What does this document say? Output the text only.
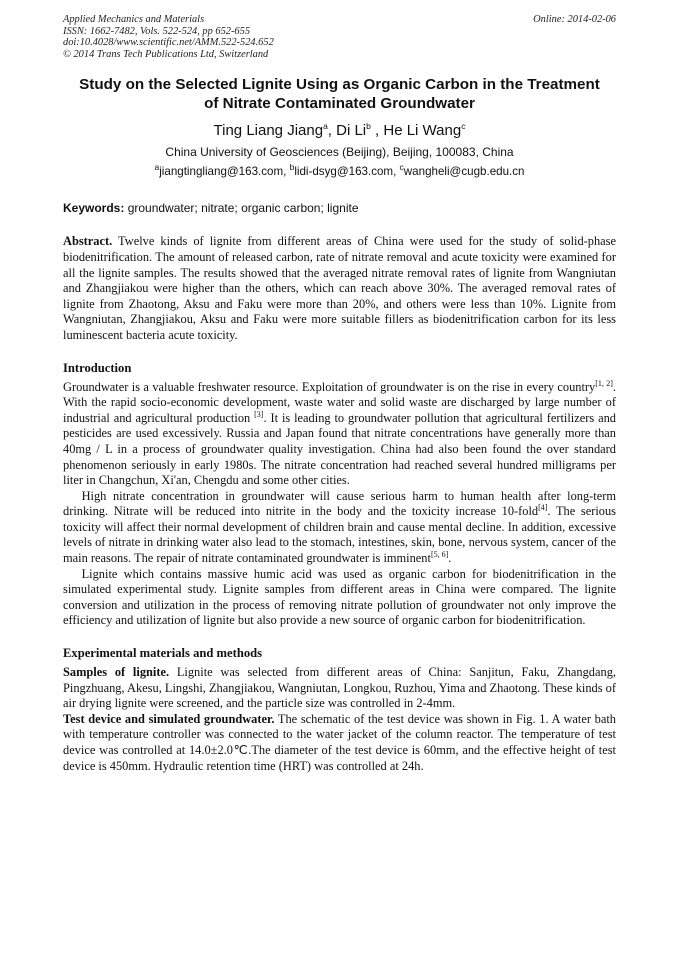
Applied Mechanics and Materials
ISSN: 1662-7482, Vols. 522-524, pp 652-655
doi:10.4028/www.scientific.net/AMM.522-524.652
© 2014 Trans Tech Publications Ltd, Switzerland
Online: 2014-02-06
Study on the Selected Lignite Using as Organic Carbon in the Treatment
of Nitrate Contaminated Groundwater
Ting Liang Jiang$^a$, Di Li$^b$ , He Li Wang$^c$
China University of Geosciences (Beijing), Beijing, 100083, China
$^a$jiangtingliang@163.com, $^b$lidi-dsyg@163.com, $^c$wangheli@cugb.edu.cn
Keywords: groundwater; nitrate; organic carbon; lignite

Abstract. Twelve kinds of lignite from different areas of China were used for the study of solid-phase biodenitrification. The amount of released carbon, rate of nitrate removal and acute toxicity were examined for all the lignite samples. The results showed that the averaged nitrate removal rates of lignite from Wangniutan and Zhangjiakou were higher than the others, which can reach above 30%. The averaged removal rates of lignite from Zhaotong, Aksu and Faku were more than 20%, and others were less than 10%. Lignite from Wangniutan, Zhangjiakou, Aksu and Faku were more suitable fillers as biodenitrification carbon for its less luminescent bacteria acute toxicity.

Introduction

Groundwater is a valuable freshwater resource. Exploitation of groundwater is on the rise in every country[1, 2]. With the rapid socio-economic development, waste water and solid waste are discharged by large number of industrial and agricultural production [3]. It is leading to groundwater pollution that agricultural fertilizers and pesticides are used excessively. Russia and Japan found that nitrate concentrations have generally more than 40mg / L in a process of groundwater quality investigation. China had also been found the over standard phenomenon seriously in early 1980s. The nitrate concentration had reached several hundred milligrams per liter in Changchun, Xi'an, Chengdu and some other cities.

High nitrate concentration in groundwater will cause serious harm to human health after long-term drinking. Nitrate will be reduced into nitrite in the body and the toxicity increase 10-fold[4]. The serious toxicity will affect their normal development of children brain and cause mental decline. In addition, excessive levels of nitrate in drinking water also lead to the stomach, intestines, skin, bone, nervous system, cancer of the main reasons. The repair of nitrate contaminated groundwater is imminent[5, 6].

Lignite which contains massive humic acid was used as organic carbon for biodenitrification in the simulated experimental study. Lignite samples from different areas in China were compared. The lignite conversion and utilization in the process of removing nitrate pollution of groundwater not only improve the efficiency and utilization of lignite but also provide a new source of organic carbon for biodenitrification.

Experimental materials and methods

Samples of lignite. Lignite was selected from different areas of China: Sanjitun, Faku, Zhangdang, Pingzhuang, Akesu, Lingshi, Zhangjiakou, Wangniutan, Longkou, Ruzhou, Yima and Zhaotong. These kinds of air drying lignite were screened, and the particle size was controlled in 2-4mm.

Test device and simulated groundwater. The schematic of the test device was shown in Fig. 1. A water bath with temperature controller was connected to the water jacket of the column reactor. The temperature of test device was controlled at 14.0±2.0℃.The diameter of the test device is 60mm, and the effective height of test device is 450mm. Hydraulic retention time (HRT) was controlled at 24h.
